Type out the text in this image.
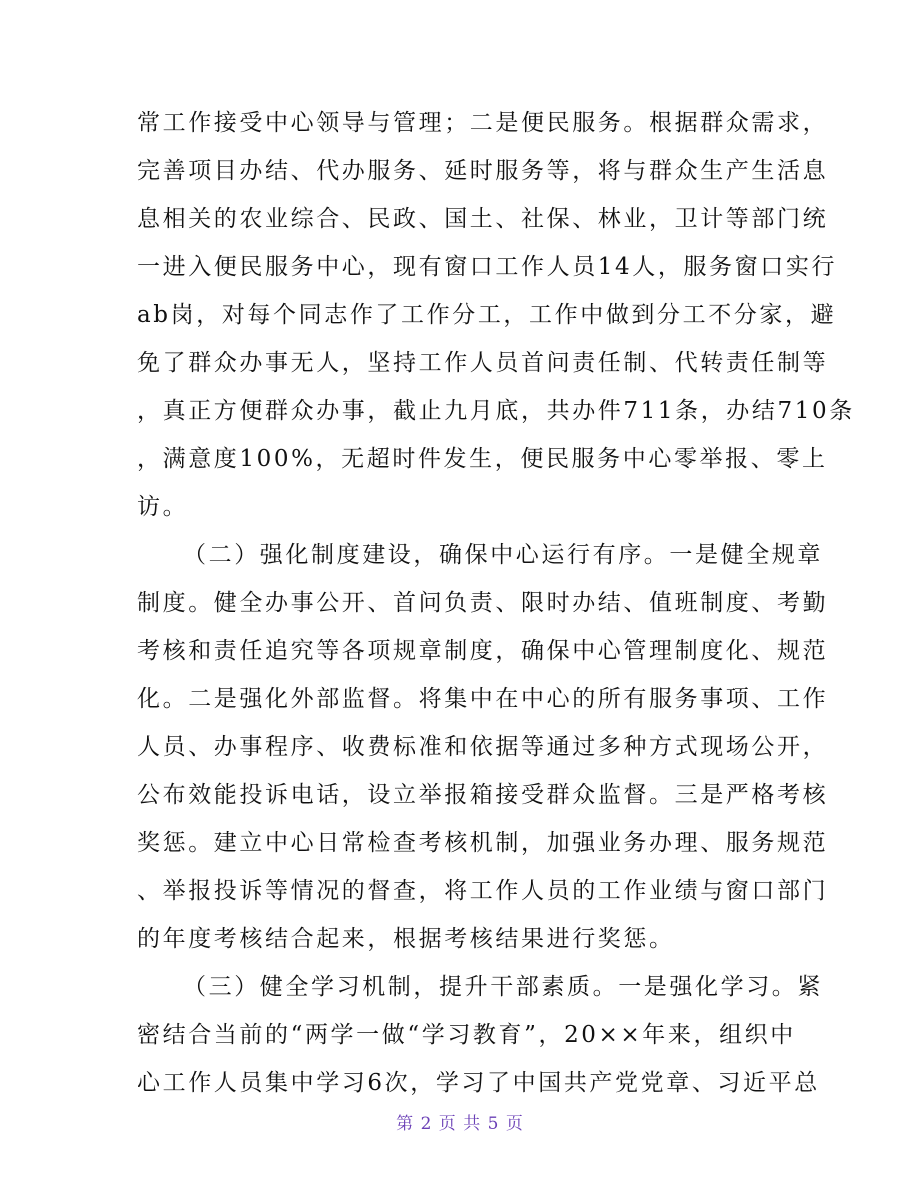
常工作接受中心领导与管理；二是便民服务。根据群众需求，
完善项目办结、代办服务、延时服务等，将与群众生产生活息
息相关的农业综合、民政、国土、社保、林业，卫计等部门统
一进入便民服务中心，现有窗口工作人员14人，服务窗口实行
ab岗，对每个同志作了工作分工，工作中做到分工不分家，避
免了群众办事无人，坚持工作人员首问责任制、代转责任制等
，真正方便群众办事，截止九月底，共办件711条，办结710条
，满意度100%，无超时件发生，便民服务中心零举报、零上
访。
（二）强化制度建设，确保中心运行有序。一是健全规章
制度。健全办事公开、首问负责、限时办结、值班制度、考勤
考核和责任追究等各项规章制度，确保中心管理制度化、规范
化。二是强化外部监督。将集中在中心的所有服务事项、工作
人员、办事程序、收费标准和依据等通过多种方式现场公开，
公布效能投诉电话，设立举报箱接受群众监督。三是严格考核
奖惩。建立中心日常检查考核机制，加强业务办理、服务规范
、举报投诉等情况的督查，将工作人员的工作业绩与窗口部门
的年度考核结合起来，根据考核结果进行奖惩。
（三）健全学习机制，提升干部素质。一是强化学习。紧
密结合当前的“两学一做“学习教育”，20××年来，组织中
心工作人员集中学习6次，学习了中国共产党党章、习近平总
第 2 页 共 5 页
